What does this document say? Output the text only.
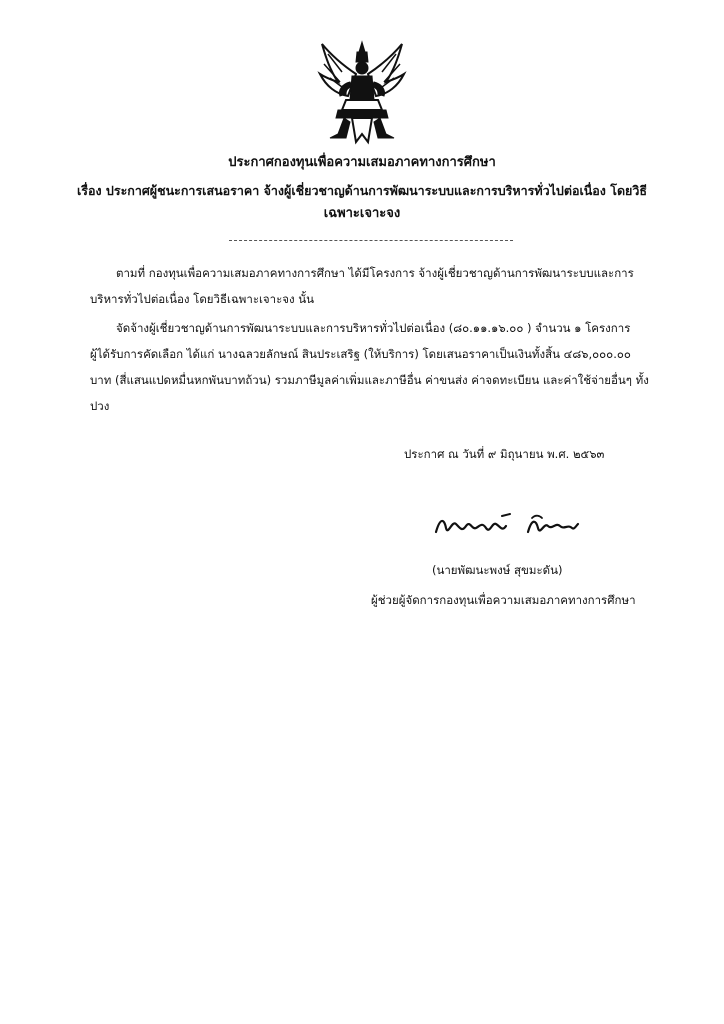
ประกาศกองทุนเพื่อความเสมอภาคทางการศึกษา
เรื่อง ประกาศผู้ชนะการเสนอราคา จ้างผู้เชี่ยวชาญด้านการพัฒนาระบบและการบริหารทั่วไปต่อเนื่อง โดยวิธี
เฉพาะเจาะจง
ตามที่ กองทุนเพื่อความเสมอภาคทางการศึกษา ได้มีโครงการ จ้างผู้เชี่ยวชาญด้านการพัฒนาระบบและการ
บริหารทั่วไปต่อเนื่อง โดยวิธีเฉพาะเจาะจง นั้น
จัดจ้างผู้เชี่ยวชาญด้านการพัฒนาระบบและการบริหารทั่วไปต่อเนื่อง (๘๐.๑๑.๑๖.๐๐ ) จำนวน ๑ โครงการ
ผู้ได้รับการคัดเลือก ได้แก่ นางฉลวยลักษณ์ สินประเสริฐ (ให้บริการ) โดยเสนอราคาเป็นเงินทั้งสิ้น ๔๘๖,๐๐๐.๐๐
บาท (สี่แสนแปดหมื่นหกพันบาทถ้วน) รวมภาษีมูลค่าเพิ่มและภาษีอื่น ค่าขนส่ง ค่าจดทะเบียน และค่าใช้จ่ายอื่นๆ ทั้ง
ปวง
ประกาศ ณ วันที่ ๙ มิถุนายน พ.ศ. ๒๕๖๓
(นายพัฒนะพงษ์ สุขมะดัน)
ผู้ช่วยผู้จัดการกองทุนเพื่อความเสมอภาคทางการศึกษา
